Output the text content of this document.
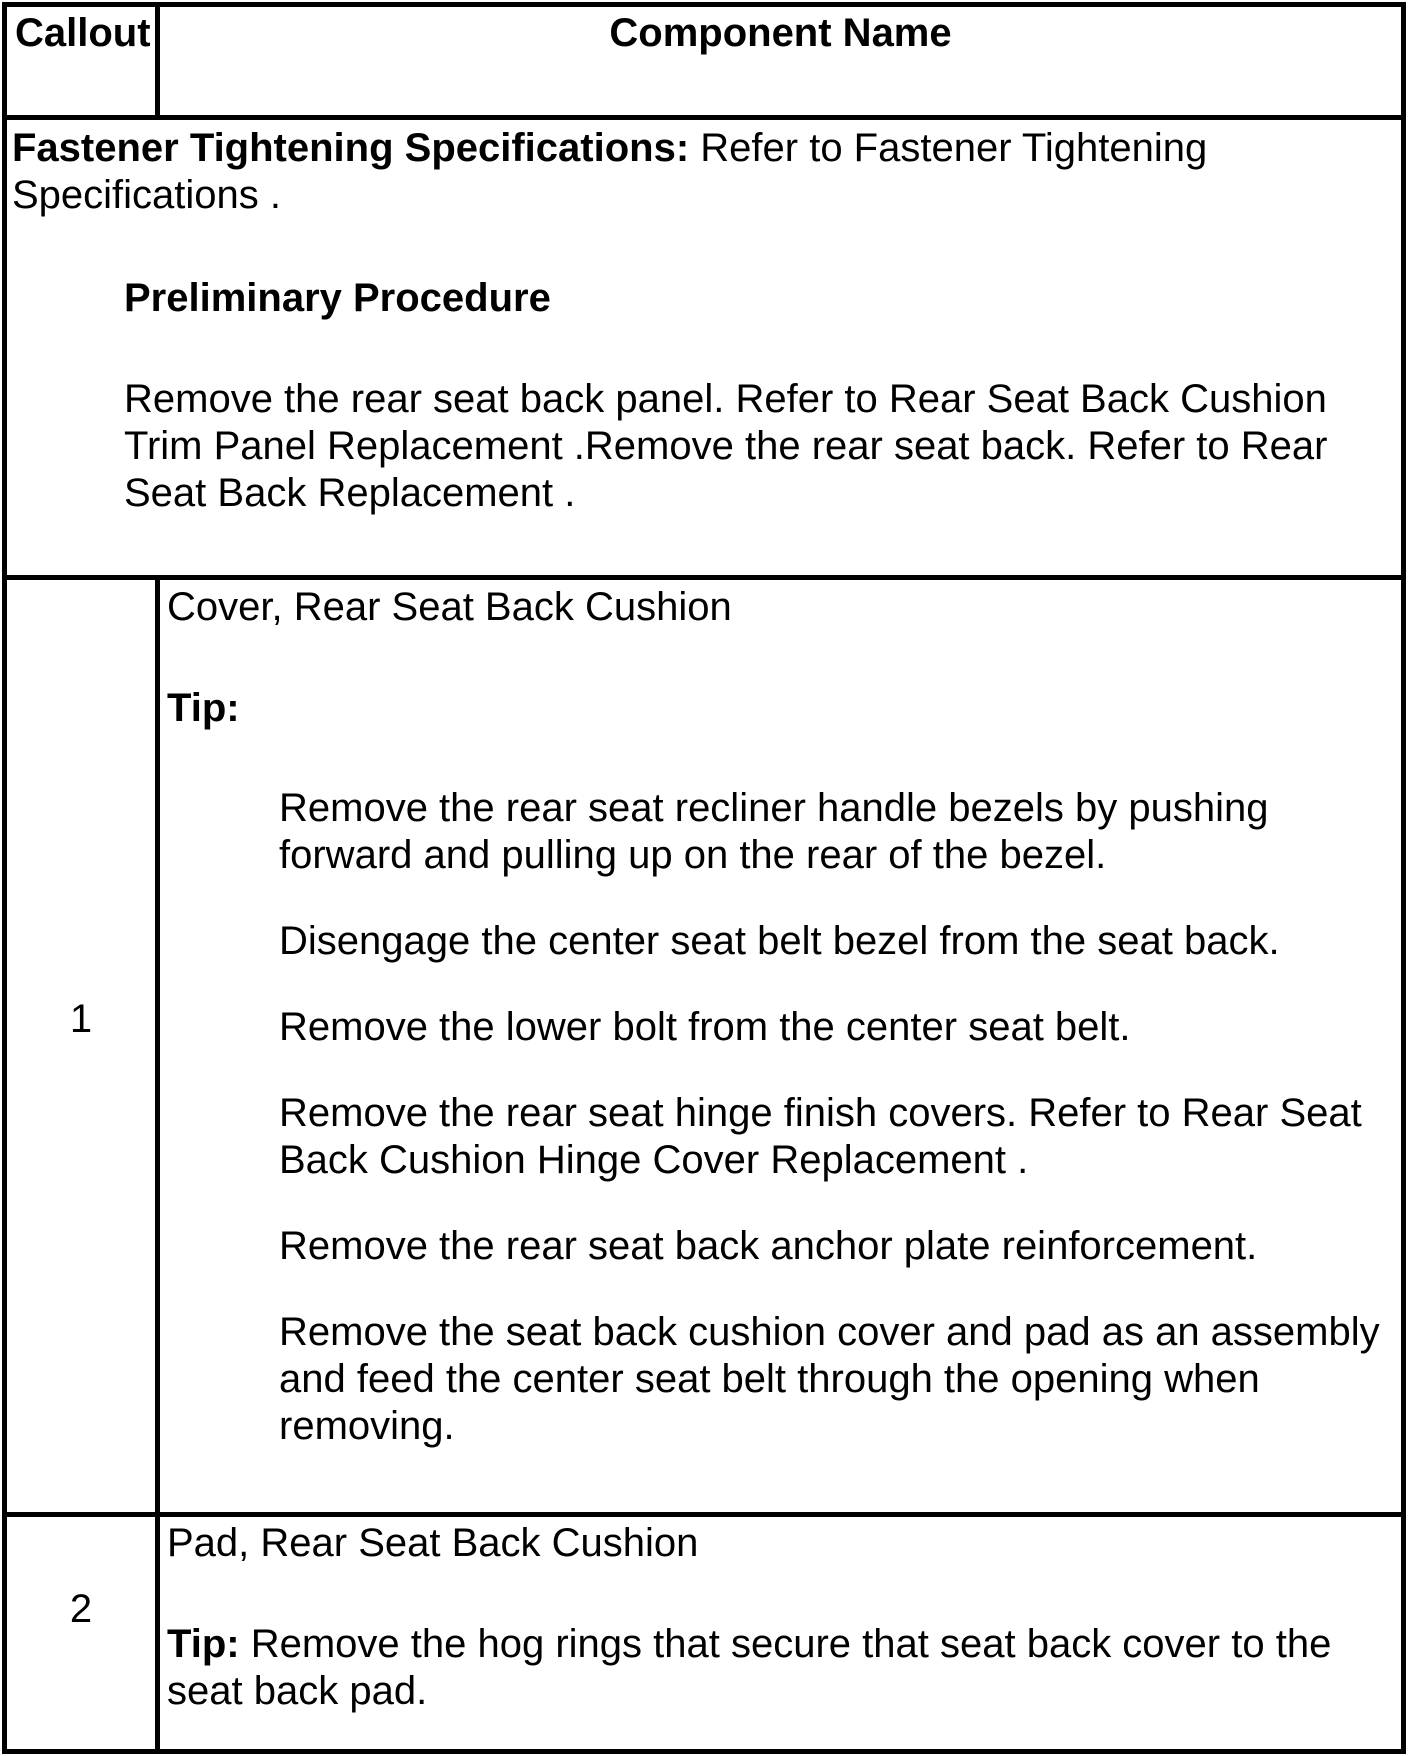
Callout	Component Name
Fastener Tightening Specifications: Refer to Fastener Tightening
Specifications .
Preliminary Procedure
Remove the rear seat back panel. Refer to Rear Seat Back Cushion
Trim Panel Replacement .Remove the rear seat back. Refer to Rear
Seat Back Replacement .
1
Cover, Rear Seat Back Cushion
Tip:
Remove the rear seat recliner handle bezels by pushing
forward and pulling up on the rear of the bezel.
Disengage the center seat belt bezel from the seat back.
Remove the lower bolt from the center seat belt.
Remove the rear seat hinge finish covers. Refer to Rear Seat
Back Cushion Hinge Cover Replacement .
Remove the rear seat back anchor plate reinforcement.
Remove the seat back cushion cover and pad as an assembly
and feed the center seat belt through the opening when
removing.
2
Pad, Rear Seat Back Cushion
Tip: Remove the hog rings that secure that seat back cover to the
seat back pad.
